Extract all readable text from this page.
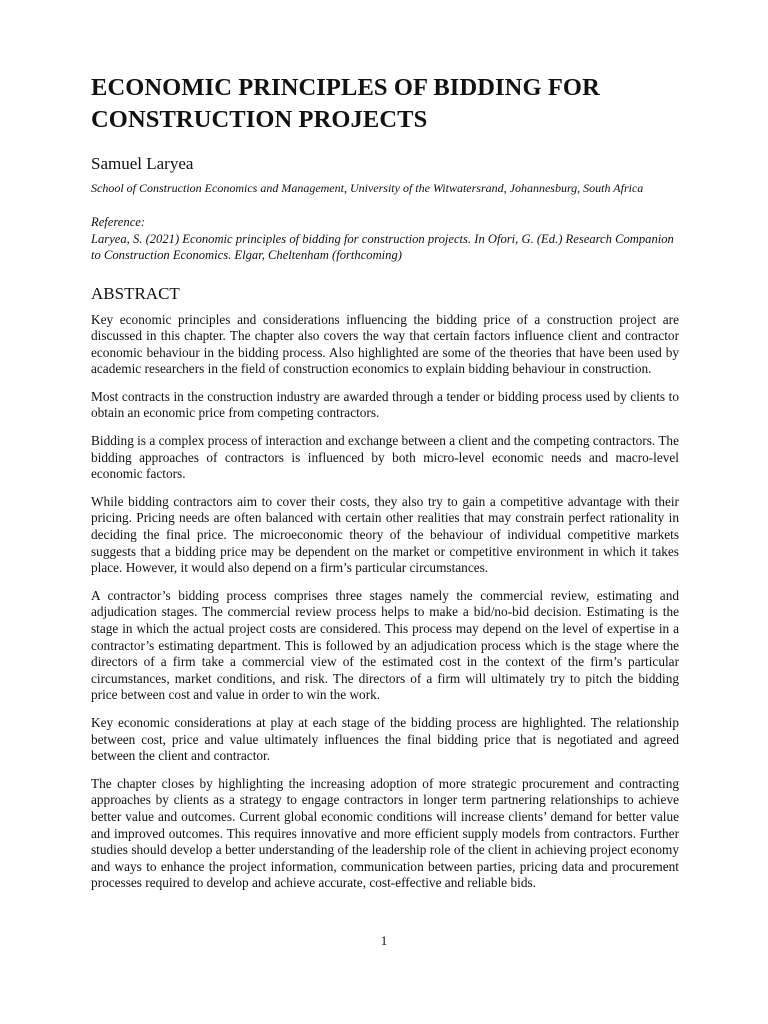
ECONOMIC PRINCIPLES OF BIDDING FOR
CONSTRUCTION PROJECTS

Samuel Laryea

School of Construction Economics and Management, University of the Witwatersrand, Johannesburg, South Africa

Reference:
Laryea, S. (2021) Economic principles of bidding for construction projects. In Ofori, G. (Ed.) Research Companion to Construction Economics. Elgar, Cheltenham (forthcoming)
ABSTRACT

Key economic principles and considerations influencing the bidding price of a construction project are discussed in this chapter. The chapter also covers the way that certain factors influence client and contractor economic behaviour in the bidding process. Also highlighted are some of the theories that have been used by academic researchers in the field of construction economics to explain bidding behaviour in construction.

Most contracts in the construction industry are awarded through a tender or bidding process used by clients to obtain an economic price from competing contractors.

Bidding is a complex process of interaction and exchange between a client and the competing contractors. The bidding approaches of contractors is influenced by both micro-level economic needs and macro-level economic factors.

While bidding contractors aim to cover their costs, they also try to gain a competitive advantage with their pricing. Pricing needs are often balanced with certain other realities that may constrain perfect rationality in deciding the final price. The microeconomic theory of the behaviour of individual competitive markets suggests that a bidding price may be dependent on the market or competitive environment in which it takes place. However, it would also depend on a firm’s particular circumstances.

A contractor’s bidding process comprises three stages namely the commercial review, estimating and adjudication stages. The commercial review process helps to make a bid/no-bid decision. Estimating is the stage in which the actual project costs are considered. This process may depend on the level of expertise in a contractor’s estimating department. This is followed by an adjudication process which is the stage where the directors of a firm take a commercial view of the estimated cost in the context of the firm’s particular circumstances, market conditions, and risk. The directors of a firm will ultimately try to pitch the bidding price between cost and value in order to win the work.

Key economic considerations at play at each stage of the bidding process are highlighted. The relationship between cost, price and value ultimately influences the final bidding price that is negotiated and agreed between the client and contractor.

The chapter closes by highlighting the increasing adoption of more strategic procurement and contracting approaches by clients as a strategy to engage contractors in longer term partnering relationships to achieve better value and outcomes. Current global economic conditions will increase clients’ demand for better value and improved outcomes. This requires innovative and more efficient supply models from contractors. Further studies should develop a better understanding of the leadership role of the client in achieving project economy and ways to enhance the project information, communication between parties, pricing data and procurement processes required to develop and achieve accurate, cost-effective and reliable bids.

1
